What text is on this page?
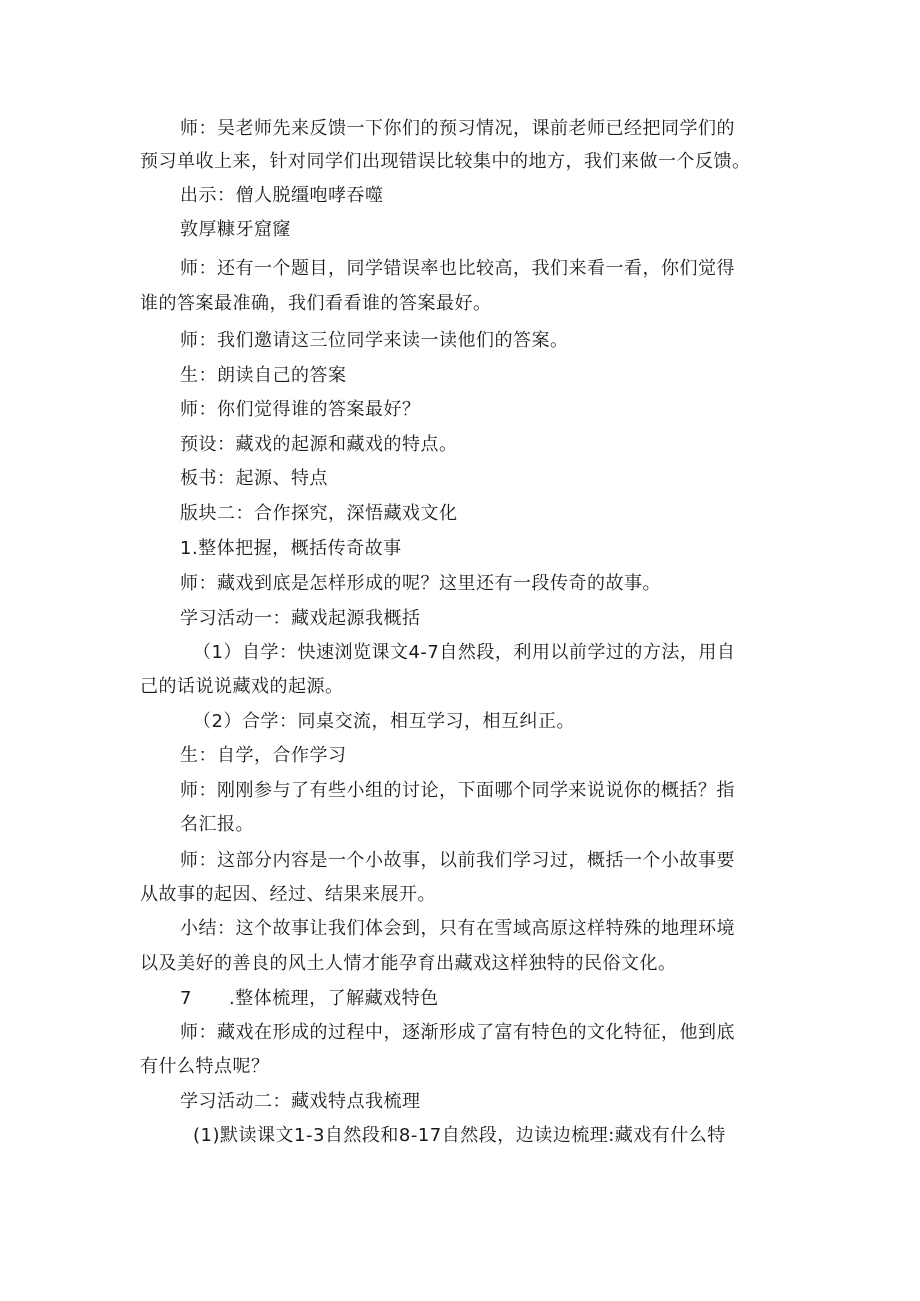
师：吴老师先来反馈一下你们的预习情况，课前老师已经把同学们的
预习单收上来，针对同学们出现错误比较集中的地方，我们来做一个反馈。
出示：僧人脱缰咆哮吞噬
敦厚糠牙窟窿
师：还有一个题目，同学错误率也比较高，我们来看一看，你们觉得
谁的答案最准确，我们看看谁的答案最好。
师：我们邀请这三位同学来读一读他们的答案。
生：朗读自己的答案
师：你们觉得谁的答案最好？
预设：藏戏的起源和藏戏的特点。
板书：起源、特点
版块二：合作探究，深悟藏戏文化
1.整体把握，概括传奇故事
师：藏戏到底是怎样形成的呢？这里还有一段传奇的故事。
学习活动一：藏戏起源我概括
（1）自学：快速浏览课文4-7自然段，利用以前学过的方法，用自
己的话说说藏戏的起源。
（2）合学：同桌交流，相互学习，相互纠正。
生：自学，合作学习
师：刚刚参与了有些小组的讨论，下面哪个同学来说说你的概括？指
名汇报。
师：这部分内容是一个小故事，以前我们学习过，概括一个小故事要
从故事的起因、经过、结果来展开。
小结：这个故事让我们体会到，只有在雪域高原这样特殊的地理环境
以及美好的善良的风土人情才能孕育出藏戏这样独特的民俗文化。
7　　.整体梳理，了解藏戏特色
师：藏戏在形成的过程中，逐渐形成了富有特色的文化特征，他到底
有什么特点呢？
学习活动二：藏戏特点我梳理
(1)默读课文1-3自然段和8-17自然段，边读边梳理:藏戏有什么特
